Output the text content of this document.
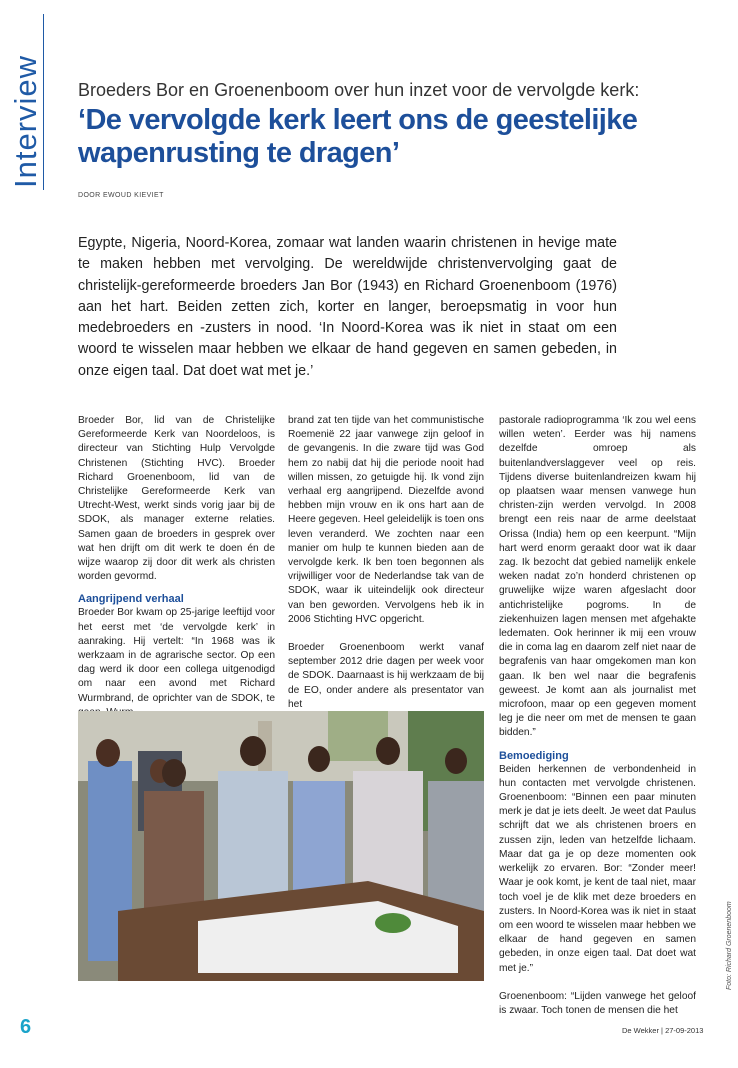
Interview Broeders Bor en Groenenboom over hun inzet voor de vervolgde kerk:
‘De vervolgde kerk leert ons de geestelijke wapenrusting te dragen’
DOOR EWOUD KIEVIET
Egypte, Nigeria, Noord-Korea, zomaar wat landen waarin christenen in hevige mate te maken hebben met vervolging. De wereldwijde christenvervolging gaat de christelijk-gereformeerde broeders Jan Bor (1943) en Richard Groenenboom (1976) aan het hart. Beiden zetten zich, korter en langer, beroepsmatig in voor hun medebroeders en -zusters in nood. ‘In Noord-Korea was ik niet in staat om een woord te wisselen maar hebben we elkaar de hand gegeven en samen gebeden, in onze eigen taal. Dat doet wat met je.’

Broeder Bor, lid van de Christelijke Gereformeerde Kerk van Noordeloos, is directeur van Stichting Hulp Vervolgde Christenen (Stichting HVC). Broeder Richard Groenenboom, lid van de Christelijke Gereformeerde Kerk van Utrecht-West, werkt sinds vorig jaar bij de SDOK, als manager externe relaties. Samen gaan de broeders in gesprek over wat hen drijft om dit werk te doen én de wijze waarop zij door dit werk als christen worden gevormd.

Aangrijpend verhaal

Broeder Bor kwam op 25-jarige leeftijd voor het eerst met ‘de vervolgde kerk’ in aanraking. Hij vertelt: “In 1968 was ik werkzaam in de agrarische sector. Op een dag werd ik door een collega uitgenodigd om naar een avond met Richard Wurmbrand, de oprichter van de SDOK, te

brand zat ten tijde van het communistische Roemenië 22 jaar vanwege zijn geloof in de gevangenis. In die zware tijd was God hem zo nabij dat hij die periode nooit had willen missen, zo getuigde hij. Ik vond zijn verhaal erg aangrijpend. Diezelfde avond hebben mijn vrouw en ik ons hart aan de Heere gegeven. Heel geleidelijk is toen ons leven veranderd. We zochten naar een manier om hulp te kunnen bieden aan de vervolgde kerk. Ik ben toen begonnen als vrijwilliger voor de Nederlandse tak van de SDOK, waar ik uiteindelijk ook directeur van ben geworden. Vervolgens heb ik in 2006 Stichting HVC opgericht.

Broeder Groenenboom werkt vanaf september 2012 drie dagen per week voor de SDOK. Daarnaast is hij werkzaam de bij de EO, onder andere als presentator van het

pastorale radioprogramma ‘Ik zou wel eens willen weten’. Eerder was hij namens dezelfde omroep als buitenlandverslaggever veel op reis. Tijdens diverse buitenlandreizen kwam hij op plaatsen waar mensen vanwege hun christen-zijn werden vervolgd. In 2008 brengt een reis naar de arme deelstaat Orissa (India) hem op een keerpunt. “Mijn hart werd enorm geraakt door wat ik daar zag. Ik bezocht dat gebied namelijk enkele weken nadat zo’n honderd christenen op gruwelijke wijze waren afgeslacht door antichristelijke pogroms. In de ziekenhuizen lagen mensen met afgehakte ledematen. Ook herinner ik mij een vrouw die in coma lag en daarom zelf niet naar de begrafenis van haar omgekomen man kon gaan. Ik ben wel naar die begrafenis geweest. Je komt aan als journalist met microfoon, maar op een gegeven moment leg je die neer om met de mensen te gaan bidden.”

Bemoediging

Beiden herkennen de verbondenheid in hun contacten met vervolgde christenen. Groenenboom: “Binnen een paar minuten merk je dat je iets deelt. Je weet dat Paulus schrijft dat we als christenen broers en zussen zijn, leden van hetzelfde lichaam. Maar dat ga je op deze momenten ook werkelijk zo ervaren. Bor: “Zonder meer! Waar je ook komt, je kent de taal niet, maar toch voel je de klik met deze broeders en zusters. In Noord-Korea was ik niet in staat om een woord te wisselen maar hebben we elkaar de hand gegeven en samen gebeden, in onze eigen taal. Dat doet wat met je.”

Groenenboom: “Lijden vanwege het geloof is zwaar. Toch tonen de mensen die het

Foto: Richard Groenenboom
6	De Wekker | 27-09-2013
